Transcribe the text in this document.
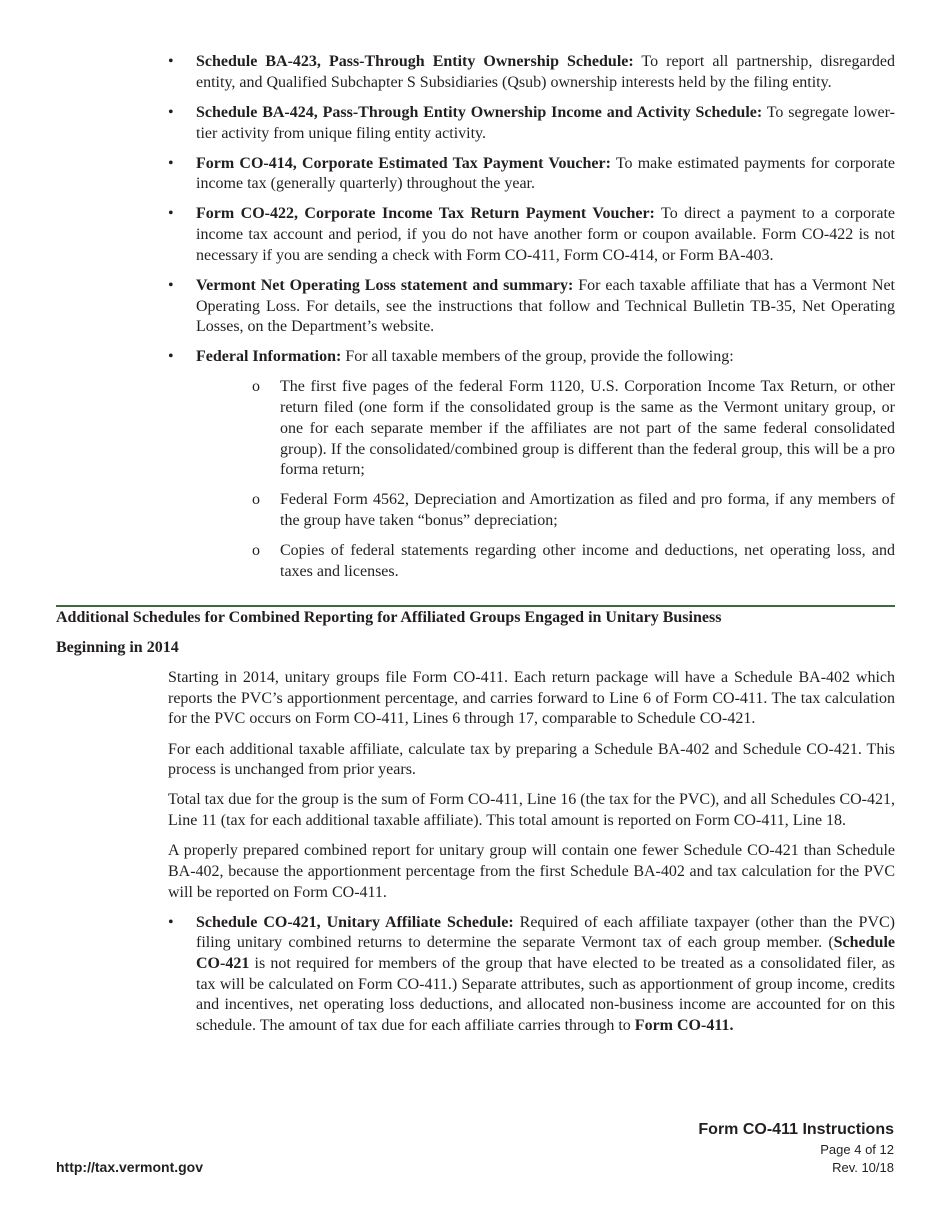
• Schedule BA-423, Pass-Through Entity Ownership Schedule: To report all partnership, disregarded entity, and Qualified Subchapter S Subsidiaries (Qsub) ownership interests held by the filing entity.
• Schedule BA-424, Pass-Through Entity Ownership Income and Activity Schedule: To segregate lower-tier activity from unique filing entity activity.
• Form CO-414, Corporate Estimated Tax Payment Voucher: To make estimated payments for corporate income tax (generally quarterly) throughout the year.
• Form CO-422, Corporate Income Tax Return Payment Voucher: To direct a payment to a corporate income tax account and period, if you do not have another form or coupon available. Form CO-422 is not necessary if you are sending a check with Form CO-411, Form CO-414, or Form BA-403.
• Vermont Net Operating Loss statement and summary: For each taxable affiliate that has a Vermont Net Operating Loss. For details, see the instructions that follow and Technical Bulletin TB-35, Net Operating Losses, on the Department’s website.
• Federal Information: For all taxable members of the group, provide the following:
o The first five pages of the federal Form 1120, U.S. Corporation Income Tax Return, or other return filed (one form if the consolidated group is the same as the Vermont unitary group, or one for each separate member if the affiliates are not part of the same federal consolidated group). If the consolidated/combined group is different than the federal group, this will be a pro forma return;
o Federal Form 4562, Depreciation and Amortization as filed and pro forma, if any members of the group have taken “bonus” depreciation;
o Copies of federal statements regarding other income and deductions, net operating loss, and taxes and licenses.
Additional Schedules for Combined Reporting for Affiliated Groups Engaged in Unitary Business
Beginning in 2014

Starting in 2014, unitary groups file Form CO-411. Each return package will have a Schedule BA-402 which reports the PVC’s apportionment percentage, and carries forward to Line 6 of Form CO-411. The tax calculation for the PVC occurs on Form CO-411, Lines 6 through 17, comparable to Schedule CO-421.

For each additional taxable affiliate, calculate tax by preparing a Schedule BA-402 and Schedule CO-421. This process is unchanged from prior years.

Total tax due for the group is the sum of Form CO-411, Line 16 (the tax for the PVC), and all Schedules CO-421, Line 11 (tax for each additional taxable affiliate). This total amount is reported on Form CO-411, Line 18.

A properly prepared combined report for unitary group will contain one fewer Schedule CO-421 than Schedule BA-402, because the apportionment percentage from the first Schedule BA-402 and tax calculation for the PVC will be reported on Form CO-411.

• Schedule CO-421, Unitary Affiliate Schedule: Required of each affiliate taxpayer (other than the PVC) filing unitary combined returns to determine the separate Vermont tax of each group member. (Schedule CO-421 is not required for members of the group that have elected to be treated as a consolidated filer, as tax will be calculated on Form CO-411.) Separate attributes, such as apportionment of group income, credits and incentives, net operating loss deductions, and allocated non-business income are accounted for on this schedule. The amount of tax due for each affiliate carries through to Form CO-411.
Form CO-411 Instructions
Page 4 of 12
Rev. 10/18
http://tax.vermont.gov
